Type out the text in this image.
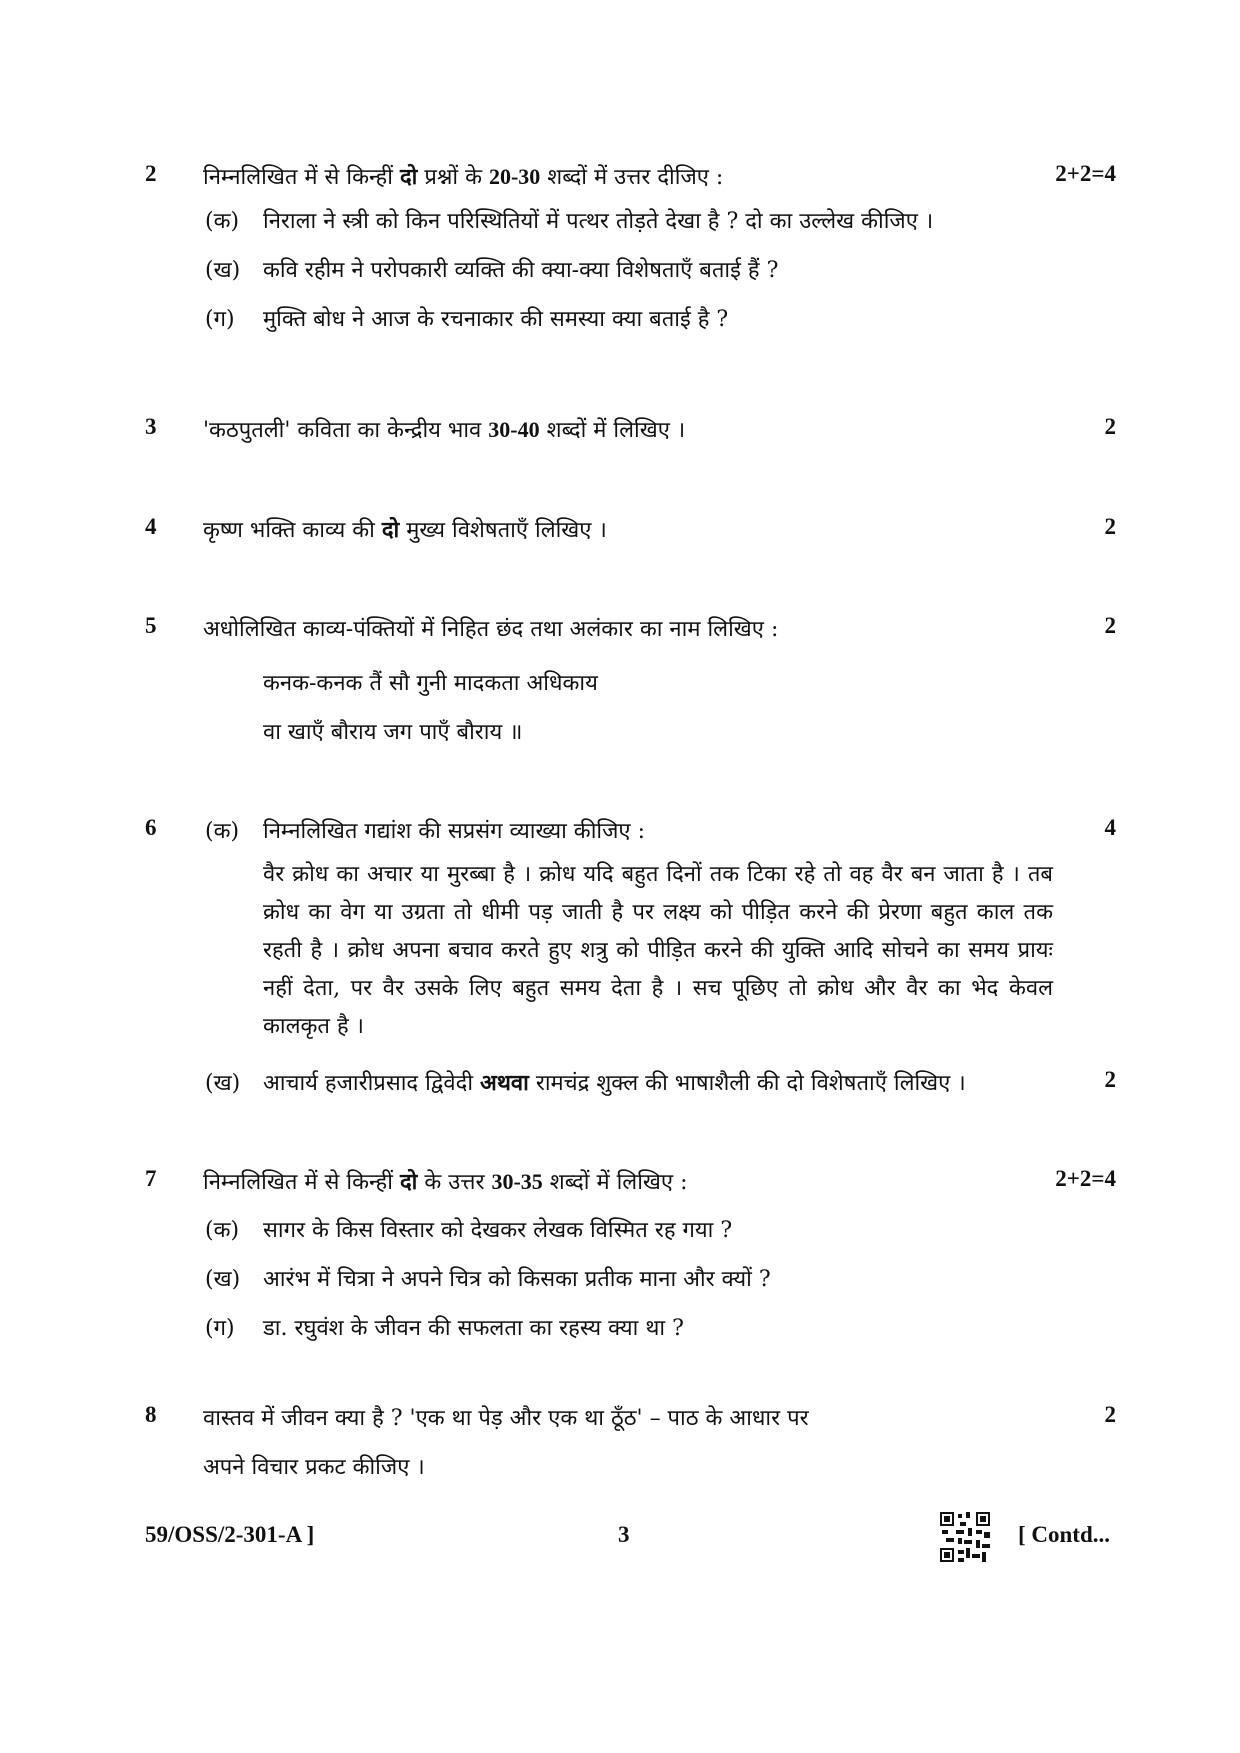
2 निम्नलिखित में से किन्हीं दो प्रश्नों के 20-30 शब्दों में उत्तर दीजिए :	2+2=4
(क) निराला ने स्त्री को किन परिस्थितियों में पत्थर तोड़ते देखा है ? दो का उल्लेख कीजिए ।
(ख) कवि रहीम ने परोपकारी व्यक्ति की क्या-क्या विशेषताएँ बताई हैं ?
(ग) मुक्ति बोध ने आज के रचनाकार की समस्या क्या बताई है ?
3 'कठपुतली' कविता का केन्द्रीय भाव 30-40 शब्दों में लिखिए ।	2
4 कृष्ण भक्ति काव्य की दो मुख्य विशेषताएँ लिखिए ।	2
5 अधोलिखित काव्य-पंक्तियों में निहित छंद तथा अलंकार का नाम लिखिए :	2
कनक-कनक तैं सौ गुनी मादकता अधिकाय
वा खाएँ बौराय जग पाएँ बौराय ॥
6 (क) निम्नलिखित गद्यांश की सप्रसंग व्याख्या कीजिए :	4
वैर क्रोध का अचार या मुरब्बा है । क्रोध यदि बहुत दिनों तक टिका रहे तो वह वैर बन जाता है । तब क्रोध का वेग या उग्रता तो धीमी पड़ जाती है पर लक्ष्य को पीड़ित करने की प्रेरणा बहुत काल तक रहती है । क्रोध अपना बचाव करते हुए शत्रु को पीड़ित करने की युक्ति आदि सोचने का समय प्रायः नहीं देता, पर वैर उसके लिए बहुत समय देता है । सच पूछिए तो क्रोध और वैर का भेद केवल कालकृत है ।
(ख) आचार्य हजारीप्रसाद द्विवेदी अथवा रामचंद्र शुक्ल की भाषाशैली की दो विशेषताएँ लिखिए ।	2
7 निम्नलिखित में से किन्हीं दो के उत्तर 30-35 शब्दों में लिखिए :	2+2=4
(क) सागर के किस विस्तार को देखकर लेखक विस्मित रह गया ?
(ख) आरंभ में चित्रा ने अपने चित्र को किसका प्रतीक माना और क्यों ?
(ग) डा. रघुवंश के जीवन की सफलता का रहस्य क्या था ?
8 वास्तव में जीवन क्या है ? 'एक था पेड़ और एक था ठूँठ' – पाठ के आधार पर	2
अपने विचार प्रकट कीजिए ।
59/OSS/2-301-A ]	3	[ Contd...
